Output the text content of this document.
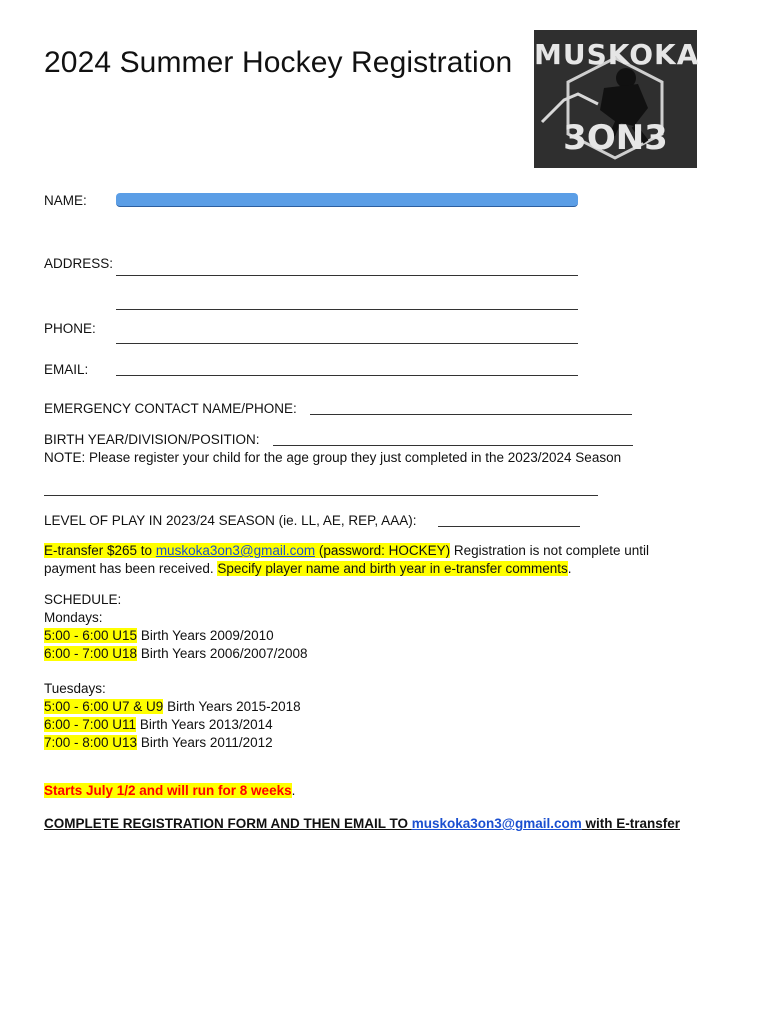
2024 Summer Hockey Registration MUSKOKA
3ON3
NAME:
ADDRESS:
PHONE:
EMAIL:
EMERGENCY CONTACT NAME/PHONE:
BIRTH YEAR/DIVISION/POSITION:
NOTE: Please register your child for the age group they just completed in the 2023/2024 Season
LEVEL OF PLAY IN 2023/24 SEASON (ie. LL, AE, REP, AAA):
E-transfer $265 to muskoka3on3@gmail.com (password: HOCKEY) Registration is not complete until
payment has been received. Specify player name and birth year in e-transfer comments.
SCHEDULE:
Mondays:
5:00 - 6:00 U15 Birth Years 2009/2010
6:00 - 7:00 U18 Birth Years 2006/2007/2008
Tuesdays:
5:00 - 6:00 U7 & U9 Birth Years 2015-2018
6:00 - 7:00 U11 Birth Years 2013/2014
7:00 - 8:00 U13 Birth Years 2011/2012
Starts July 1/2 and will run for 8 weeks.
COMPLETE REGISTRATION FORM AND THEN EMAIL TO muskoka3on3@gmail.com with E-transfer
